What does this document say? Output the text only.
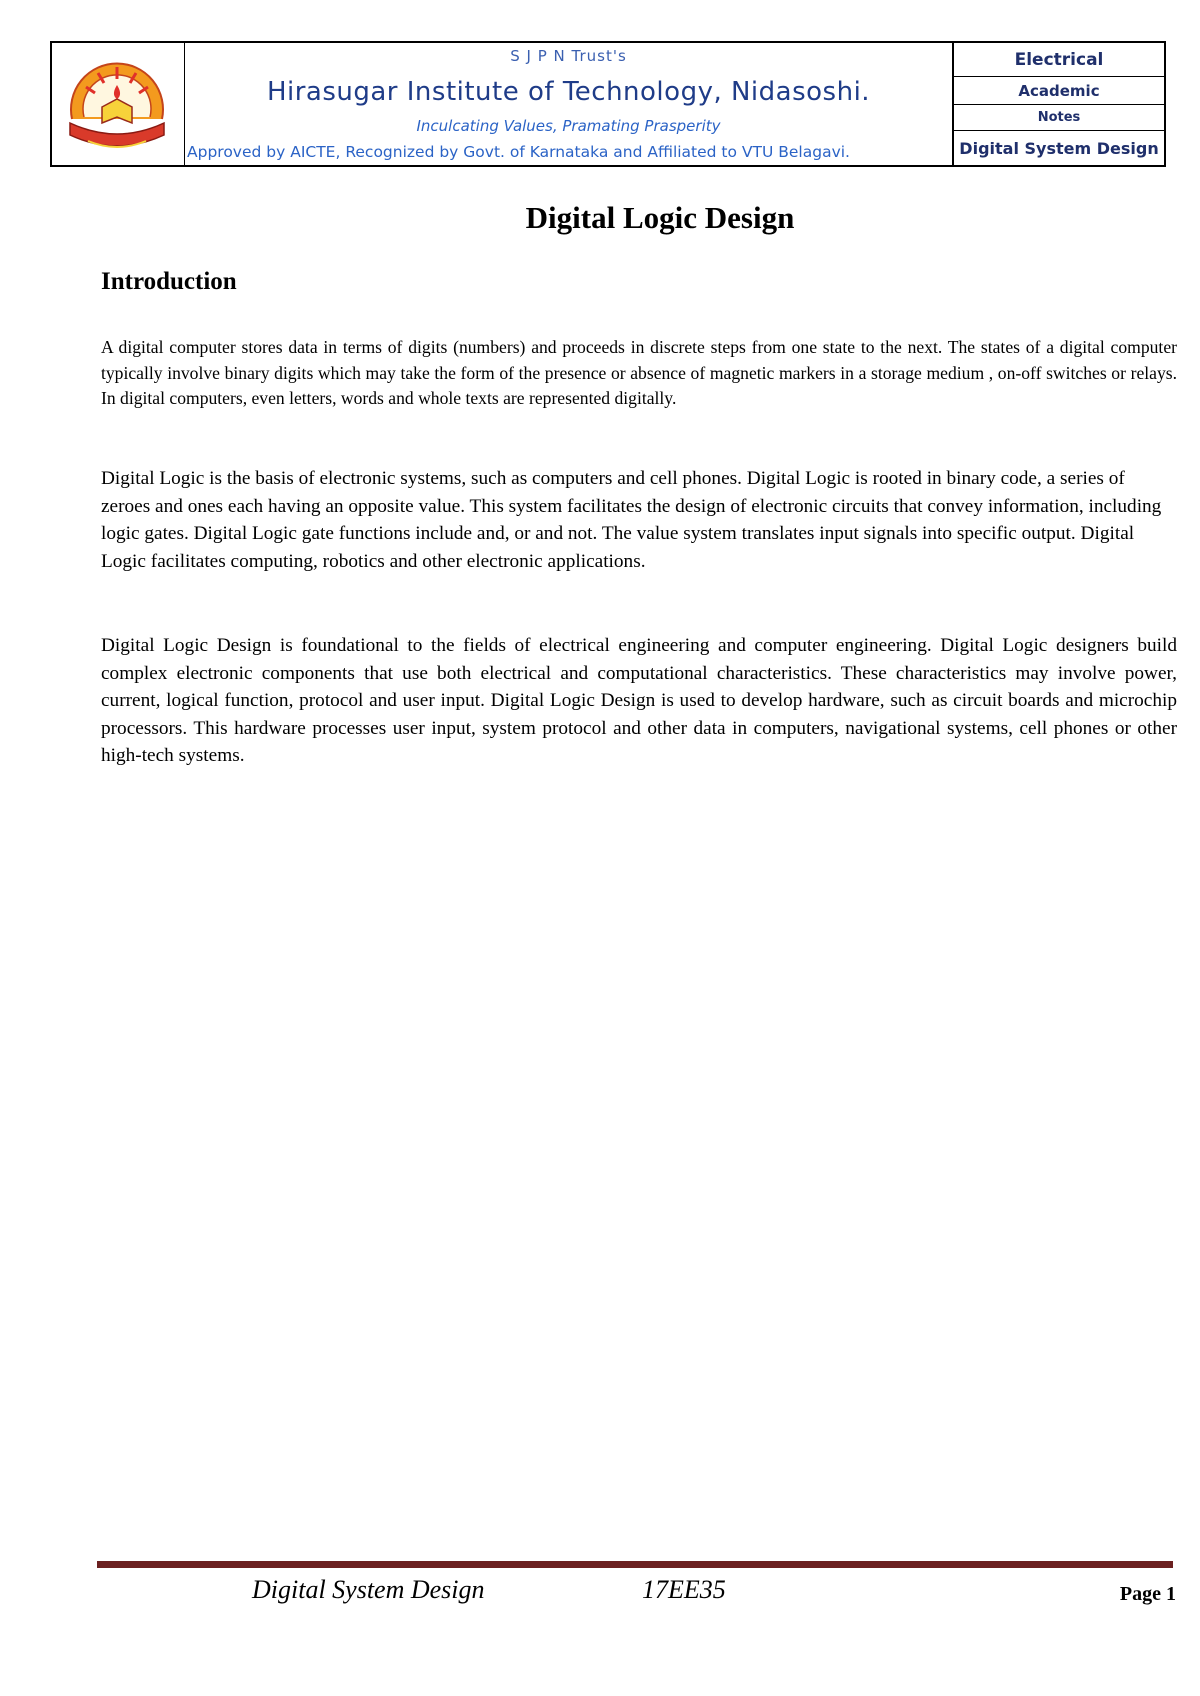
S J P N Trust's
Hirasugar Institute of Technology, Nidasoshi.
Inculcating Values, Pramating Prasperity
Approved by AICTE, Recognized by Govt. of Karnataka and Affiliated to VTU Belagavi.
Electrical
Academic
Notes
Digital System Design
Digital Logic Design
Introduction

A digital computer stores data in terms of digits (numbers) and proceeds in discrete steps from one state to the next. The states of a digital computer typically involve binary digits which may take the form of the presence or absence of magnetic markers in a storage medium , on-off switches or relays. In digital computers, even letters, words and whole texts are represented digitally.

Digital Logic is the basis of electronic systems, such as computers and cell phones. Digital Logic is rooted in binary code, a series of zeroes and ones each having an opposite value. This system facilitates the design of electronic circuits that convey information, including logic gates. Digital Logic gate functions include and, or and not. The value system translates input signals into specific output. Digital Logic facilitates computing, robotics and other electronic applications.

Digital Logic Design is foundational to the fields of electrical engineering and computer engineering. Digital Logic designers build complex electronic components that use both electrical and computational characteristics. These characteristics may involve power, current, logical function, protocol and user input. Digital Logic Design is used to develop hardware, such as circuit boards and microchip processors. This hardware processes user input, system protocol and other data in computers, navigational systems, cell phones or other high-tech systems.

Digital System Design	17EE35	Page 1
